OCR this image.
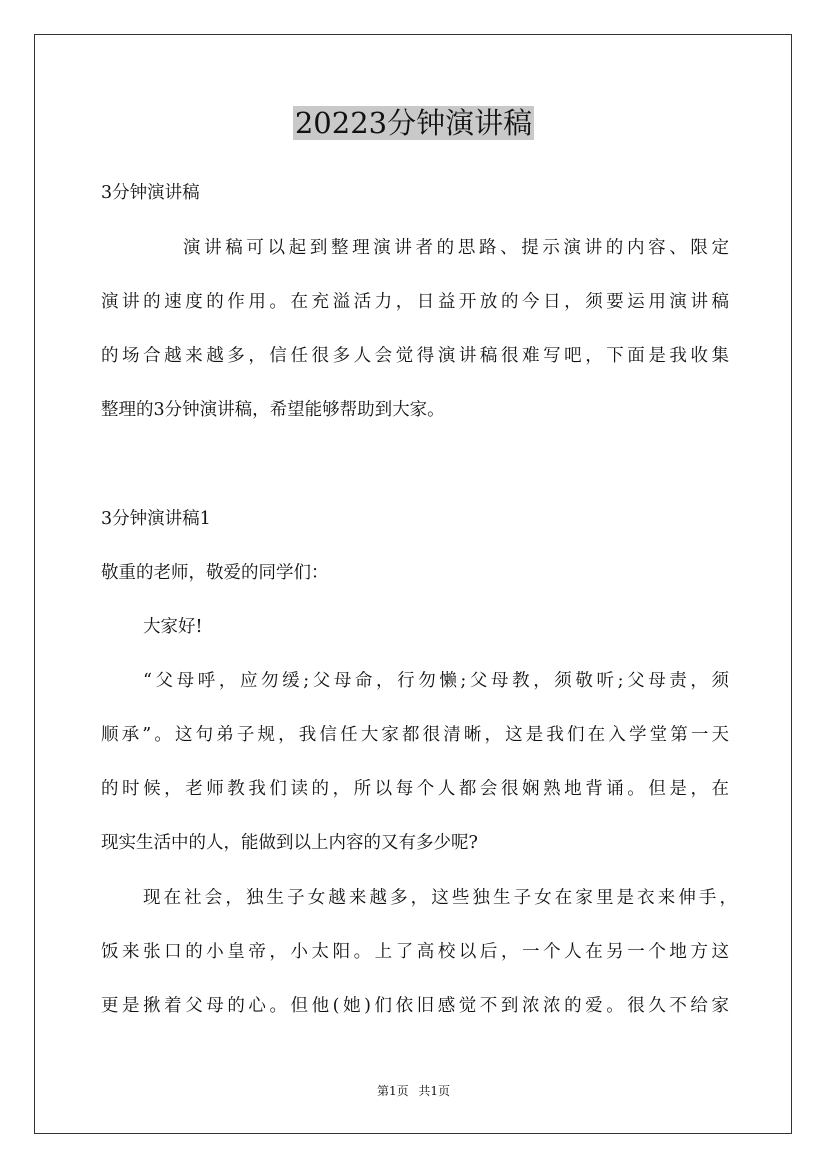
20223分钟演讲稿

3分钟演讲稿

演讲稿可以起到整理演讲者的思路、提示演讲的内容、限定

演讲的速度的作用。在充溢活力，日益开放的今日，须要运用演讲稿

的场合越来越多，信任很多人会觉得演讲稿很难写吧，下面是我收集

整理的3分钟演讲稿，希望能够帮助到大家。

3分钟演讲稿1

敬重的老师，敬爱的同学们：

大家好!

“父母呼，应勿缓;父母命，行勿懒;父母教，须敬听;父母责，须

顺承”。这句弟子规，我信任大家都很清晰，这是我们在入学堂第一天

的时候，老师教我们读的，所以每个人都会很娴熟地背诵。但是，在

现实生活中的人，能做到以上内容的又有多少呢?

现在社会，独生子女越来越多，这些独生子女在家里是衣来伸手，

饭来张口的小皇帝，小太阳。上了高校以后，一个人在另一个地方这

更是揪着父母的心。但他(她)们依旧感觉不到浓浓的爱。很久不给家

第1页 共1页
